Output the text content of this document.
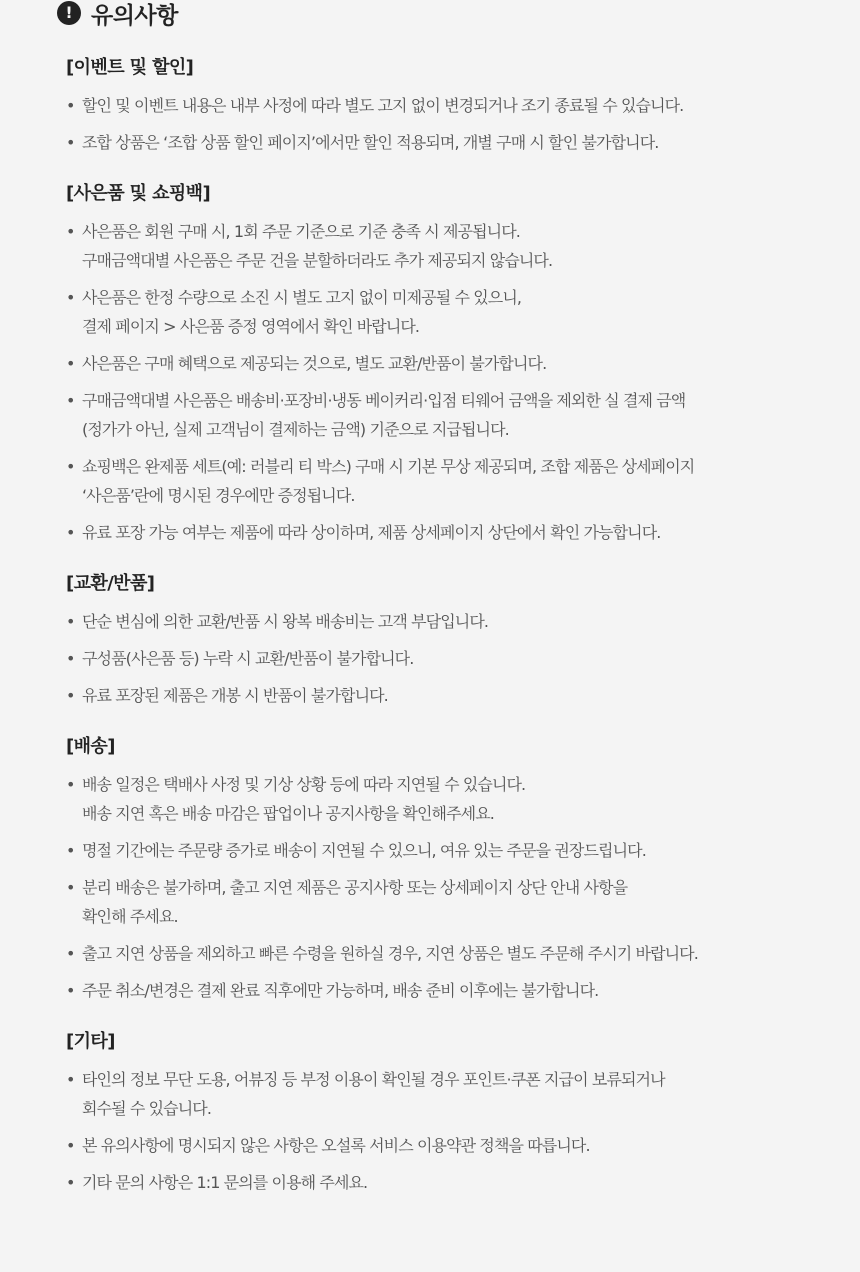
! 유의사항
[이벤트 및 할인]
• 할인 및 이벤트 내용은 내부 사정에 따라 별도 고지 없이 변경되거나 조기 종료될 수 있습니다.
• 조합 상품은 ‘조합 상품 할인 페이지’에서만 할인 적용되며, 개별 구매 시 할인 불가합니다.
[사은품 및 쇼핑백]
• 사은품은 회원 구매 시, 1회 주문 기준으로 기준 충족 시 제공됩니다.
구매금액대별 사은품은 주문 건을 분할하더라도 추가 제공되지 않습니다.
• 사은품은 한정 수량으로 소진 시 별도 고지 없이 미제공될 수 있으니,
결제 페이지 > 사은품 증정 영역에서 확인 바랍니다.
• 사은품은 구매 혜택으로 제공되는 것으로, 별도 교환/반품이 불가합니다.
• 구매금액대별 사은품은 배송비·포장비·냉동 베이커리·입점 티웨어 금액을 제외한 실 결제 금액
(정가가 아닌, 실제 고객님이 결제하는 금액) 기준으로 지급됩니다.
• 쇼핑백은 완제품 세트(예: 러블리 티 박스) 구매 시 기본 무상 제공되며, 조합 제품은 상세페이지
‘사은품’란에 명시된 경우에만 증정됩니다.
• 유료 포장 가능 여부는 제품에 따라 상이하며, 제품 상세페이지 상단에서 확인 가능합니다.
[교환/반품]
• 단순 변심에 의한 교환/반품 시 왕복 배송비는 고객 부담입니다.
• 구성품(사은품 등) 누락 시 교환/반품이 불가합니다.
• 유료 포장된 제품은 개봉 시 반품이 불가합니다.
[배송]
• 배송 일정은 택배사 사정 및 기상 상황 등에 따라 지연될 수 있습니다.
배송 지연 혹은 배송 마감은 팝업이나 공지사항을 확인해주세요.
• 명절 기간에는 주문량 증가로 배송이 지연될 수 있으니, 여유 있는 주문을 권장드립니다.
• 분리 배송은 불가하며, 출고 지연 제품은 공지사항 또는 상세페이지 상단 안내 사항을
확인해 주세요.
• 출고 지연 상품을 제외하고 빠른 수령을 원하실 경우, 지연 상품은 별도 주문해 주시기 바랍니다.
• 주문 취소/변경은 결제 완료 직후에만 가능하며, 배송 준비 이후에는 불가합니다.
[기타]
• 타인의 정보 무단 도용, 어뷰징 등 부정 이용이 확인될 경우 포인트·쿠폰 지급이 보류되거나
회수될 수 있습니다.
• 본 유의사항에 명시되지 않은 사항은 오설록 서비스 이용약관 정책을 따릅니다.
• 기타 문의 사항은 1:1 문의를 이용해 주세요.
